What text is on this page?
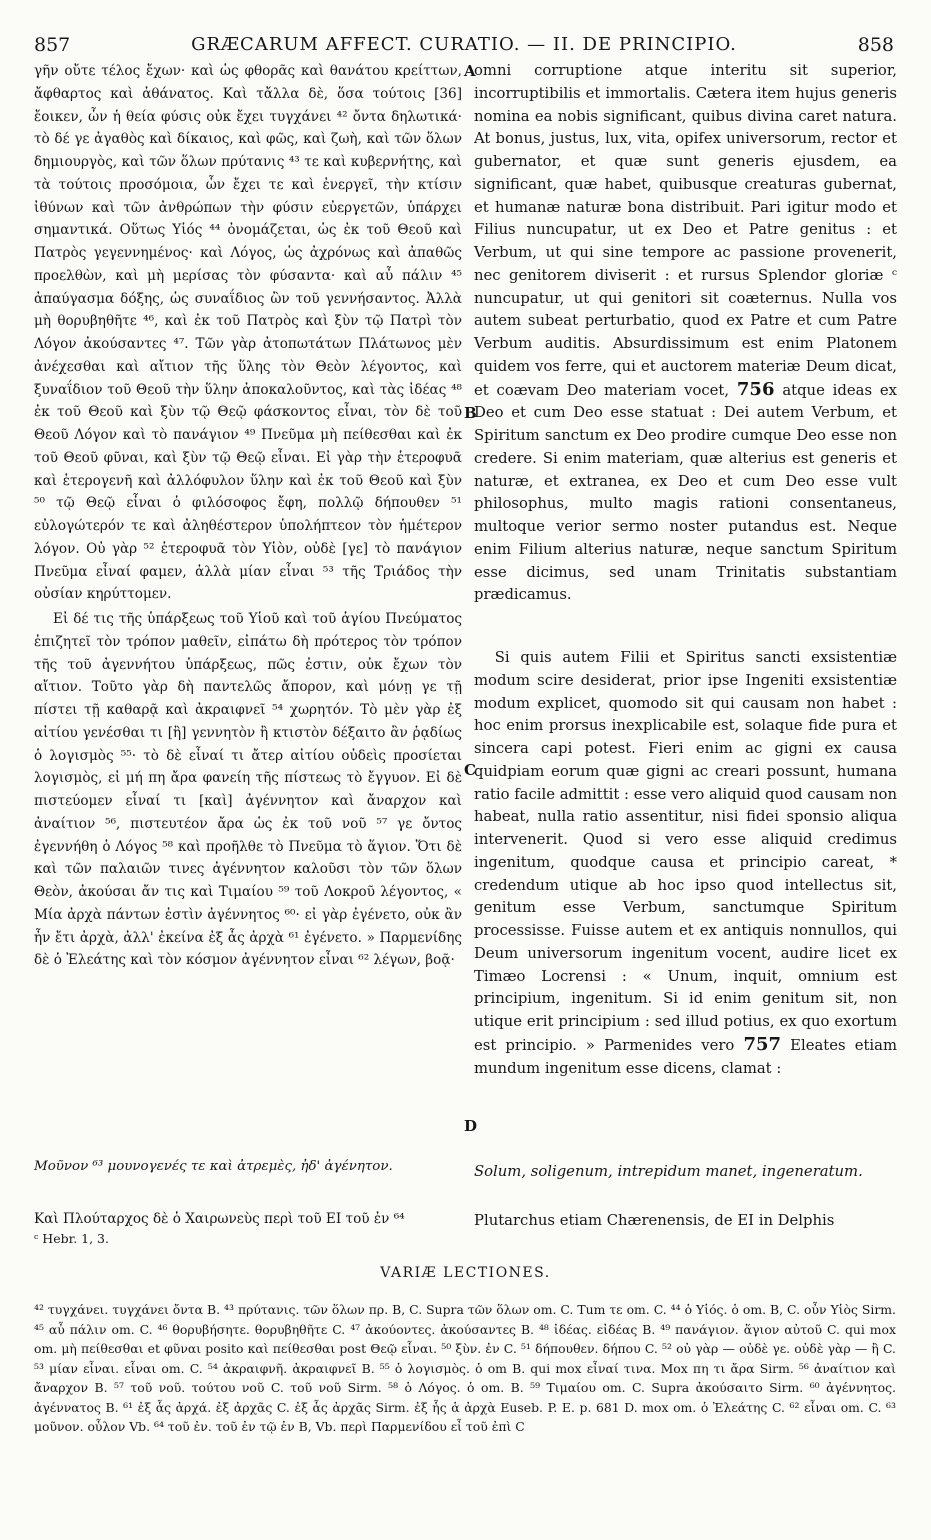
857	GRÆCARUM AFFECT. CURATIO. — II. DE PRINCIPIO.	858

γῆν οὔτε τέλος ἔχων· καὶ ὡς φθορᾶς καὶ θανάτου κρείττων, ἄφθαρτος καὶ ἀθάνατος. Καὶ τἄλλα δὲ, ὅσα τούτοις [36] ἔοικεν, ὧν ἡ θεία φύσις οὐκ ἔχει τυγχάνει ⁴² ὄντα δηλωτικά· τὸ δέ γε ἀγαθὸς καὶ δίκαιος, καὶ φῶς, καὶ ζωὴ, καὶ τῶν ὅλων δημιουργὸς, καὶ τῶν ὅλων πρύτανις ⁴³ τε καὶ κυβερνήτης, καὶ τὰ τούτοις προσόμοια, ὧν ἔχει τε καὶ ἐνεργεῖ, τὴν κτίσιν ἰθύνων καὶ τῶν ἀνθρώπων τὴν φύσιν εὐεργετῶν, ὑπάρχει σημαντικά. Οὕτως Υἱός ⁴⁴ ὀνομάζεται, ὡς ἐκ τοῦ Θεοῦ καὶ Πατρὸς γεγεννημένος· καὶ Λόγος, ὡς ἀχρόνως καὶ ἀπαθῶς προελθὼν, καὶ μὴ μερίσας τὸν φύσαντα· καὶ αὖ πάλιν ⁴⁵ ἀπαύγασμα δόξης, ὡς συναΐδιος ὢν τοῦ γεννήσαντος. Ἀλλὰ μὴ θορυβηθῆτε ⁴⁶, καὶ ἐκ τοῦ Πατρὸς καὶ ξὺν τῷ Πατρὶ τὸν Λόγον ἀκούσαντες ⁴⁷. Τῶν γὰρ ἀτοπωτάτων Πλάτωνος μὲν ἀνέχεσθαι καὶ αἴτιον τῆς ὕλης τὸν Θεὸν λέγοντος, καὶ ξυναΐδιον τοῦ Θεοῦ τὴν ὕλην ἀποκαλοῦντος, καὶ τὰς ἰδέας ⁴⁸ ἐκ τοῦ Θεοῦ καὶ ξὺν τῷ Θεῷ φάσκοντος εἶναι, τὸν δὲ τοῦ Θεοῦ Λόγον καὶ τὸ πανάγιον ⁴⁹ Πνεῦμα μὴ πείθεσθαι καὶ ἐκ τοῦ Θεοῦ φῦναι, καὶ ξὺν τῷ Θεῷ εἶναι. Εἰ γὰρ τὴν ἑτεροφυᾶ καὶ ἑτερογενῆ καὶ ἀλλόφυλον ὕλην καὶ ἐκ τοῦ Θεοῦ καὶ ξὺν ⁵⁰ τῷ Θεῷ εἶναι ὁ φιλόσοφος ἔφη, πολλῷ δήπουθεν ⁵¹ εὐλογώτερόν τε καὶ ἀληθέστερον ὑπολήπτεον τὸν ἡμέτερον λόγον. Οὐ γὰρ ⁵² ἑτεροφυᾶ τὸν Υἱὸν, οὐδὲ [γε] τὸ πανάγιον Πνεῦμα εἶναί φαμεν, ἀλλὰ μίαν εἶναι ⁵³ τῆς Τριάδος τὴν οὐσίαν κηρύττομεν.

Εἰ δέ τις τῆς ὑπάρξεως τοῦ Υἱοῦ καὶ τοῦ ἁγίου Πνεύματος ἐπιζητεῖ τὸν τρόπον μαθεῖν, εἰπάτω δὴ πρότερος τὸν τρόπον τῆς τοῦ ἀγεννήτου ὑπάρξεως, πῶς ἐστιν, οὐκ ἔχων τὸν αἴτιον. Τοῦτο γὰρ δὴ παντελῶς ἄπορον, καὶ μόνῃ γε τῇ πίστει τῇ καθαρᾷ καὶ ἀκραιφνεῖ ⁵⁴ χωρητόν. Τὸ μὲν γὰρ ἐξ αἰτίου γενέσθαι τι [ἢ] γεννητὸν ἢ κτιστὸν δέξαιτο ἂν ῥᾳδίως ὁ λογισμὸς ⁵⁵· τὸ δὲ εἶναί τι ἄτερ αἰτίου οὐδεὶς προσίεται λογισμὸς, εἰ μή πη ἄρα φανείη τῆς πίστεως τὸ ἔγγυον. Εἰ δὲ πιστεύομεν εἶναί τι [καὶ] ἀγέννητον καὶ ἄναρχον καὶ ἀναίτιον ⁵⁶, πιστευτέον ἄρα ὡς ἐκ τοῦ νοῦ ⁵⁷ γε ὄντος ἐγεννήθη ὁ Λόγος ⁵⁸ καὶ προῆλθε τὸ Πνεῦμα τὸ ἅγιον. Ὅτι δὲ καὶ τῶν παλαιῶν τινες ἀγέννητον καλοῦσι τὸν τῶν ὅλων Θεὸν, ἀκούσαι ἄν τις καὶ Τιμαίου ⁵⁹ τοῦ Λοκροῦ λέγοντος, « Μία ἀρχὰ πάντων ἐστὶν ἀγέννητος ⁶⁰· εἰ γὰρ ἐγένετο, οὐκ ἂν ἦν ἔτι ἀρχὰ, ἀλλ' ἐκείνα ἐξ ἇς ἀρχὰ ⁶¹ ἐγένετο. » Παρμενίδης δὲ ὁ Ἐλεάτης καὶ τὸν κόσμον ἀγέννητον εἶναι ⁶² λέγων, βοᾷ·

A
B
C
D

omni corruptione atque interitu sit superior, incorruptibilis et immortalis. Cætera item hujus generis nomina ea nobis significant, quibus divina caret natura. At bonus, justus, lux, vita, opifex universorum, rector et gubernator, et quæ sunt generis ejusdem, ea significant, quæ habet, quibusque creaturas gubernat, et humanæ naturæ bona distribuit. Pari igitur modo et Filius nuncupatur, ut ex Deo et Patre genitus : et Verbum, ut qui sine tempore ac passione provenerit, nec genitorem diviserit : et rursus Splendor gloriæ ᶜ nuncupatur, ut qui genitori sit coæternus. Nulla vos autem subeat perturbatio, quod ex Patre et cum Patre Verbum auditis. Absurdissimum est enim Platonem quidem vos ferre, qui et auctorem materiæ Deum dicat, et coævam Deo materiam vocet, 756 atque ideas ex Deo et cum Deo esse statuat : Dei autem Verbum, et Spiritum sanctum ex Deo prodire cumque Deo esse non credere. Si enim materiam, quæ alterius est generis et naturæ, et extranea, ex Deo et cum Deo esse vult philosophus, multo magis rationi consentaneus, multoque verior sermo noster putandus est. Neque enim Filium alterius naturæ, neque sanctum Spiritum esse dicimus, sed unam Trinitatis substantiam prædicamus.

Si quis autem Filii et Spiritus sancti exsistentiæ modum scire desiderat, prior ipse Ingeniti exsistentiæ modum explicet, quomodo sit qui causam non habet : hoc enim prorsus inexplicabile est, solaque fide pura et sincera capi potest. Fieri enim ac gigni ex causa quidpiam eorum quæ gigni ac creari possunt, humana ratio facile admittit : esse vero aliquid quod causam non habeat, nulla ratio assentitur, nisi fidei sponsio aliqua intervenerit. Quod si vero esse aliquid credimus ingenitum, quodque causa et principio careat, * credendum utique ab hoc ipso quod intellectus sit, genitum esse Verbum, sanctumque Spiritum processisse. Fuisse autem et ex antiquis nonnullos, qui Deum universorum ingenitum vocent, audire licet ex Timæo Locrensi : « Unum, inquit, omnium est principium, ingenitum. Si id enim genitum sit, non utique erit principium : sed illud potius, ex quo exortum est principio. » Parmenides vero 757 Eleates etiam mundum ingenitum esse dicens, clamat :

Μοῦνον ⁶³ μουνογενές τε καὶ ἀτρεμὲς, ἠδ' ἀγένητον.	Solum, soligenum, intrepidum manet, ingeneratum.
Καὶ Πλούταρχος δὲ ὁ Χαιρωνεὺς περὶ τοῦ ΕΙ τοῦ ἐν ⁶⁴
ᶜ Hebr. 1, 3.
Plutarchus etiam Chærenensis, de EI in Delphis
VARIÆ LECTIONES.

⁴² τυγχάνει. τυγχάνει ὄντα B. ⁴³ πρύτανις. τῶν ὅλων πρ. B, C. Supra τῶν ὅλων om. C. Tum τε om. C. ⁴⁴ ὁ Υἱός. ὁ om. B, C. οὖν Υἱὸς Sirm. ⁴⁵ αὖ πάλιν om. C. ⁴⁶ θορυβήσητε. θορυβηθῆτε C. ⁴⁷ ἀκούοντες. ἀκούσαντες B. ⁴⁸ ἰδέας. εἰδέας B. ⁴⁹ πανάγιον. ἅγιον αὐτοῦ C. qui mox om. μὴ πείθεσθαι et φῦναι posito καὶ πείθεσθαι post Θεῷ εἶναι. ⁵⁰ ξὺν. ἐν C. ⁵¹ δήπουθεν. δήπου C. ⁵² οὐ γὰρ — οὐδὲ γε. οὐδὲ γὰρ — ἢ C. ⁵³ μίαν εἶναι. εἶναι om. C. ⁵⁴ ἀκραιφνῆ. ἀκραιφνεῖ B. ⁵⁵ ὁ λογισμὸς. ὁ om B. qui mox εἶναί τινα. Mox πη τι ἄρα Sirm. ⁵⁶ ἀναίτιον καὶ ἄναρχον B. ⁵⁷ τοῦ νοῦ. τούτου νοῦ C. τοῦ νοῦ Sirm. ⁵⁸ ὁ Λόγος. ὁ om. B. ⁵⁹ Τιμαίου om. C. Supra ἀκούσαιτο Sirm. ⁶⁰ ἀγέννητος. ἀγέννατος B. ⁶¹ ἐξ ἇς ἀρχά. ἐξ ἀρχᾶς C. ἐξ ἇς ἀρχᾶς Sirm. ἐξ ἧς ἁ ἀρχὰ Euseb. P. E. p. 681 D. mox om. ὁ Ἐλεάτης C. ⁶² εἶναι om. C. ⁶³ μοῦνον. οὖλον Vb. ⁶⁴ τοῦ ἐν. τοῦ ἐν τῷ ἐν B, Vb. περὶ Παρμενίδου εἶ τοῦ ἐπὶ C
